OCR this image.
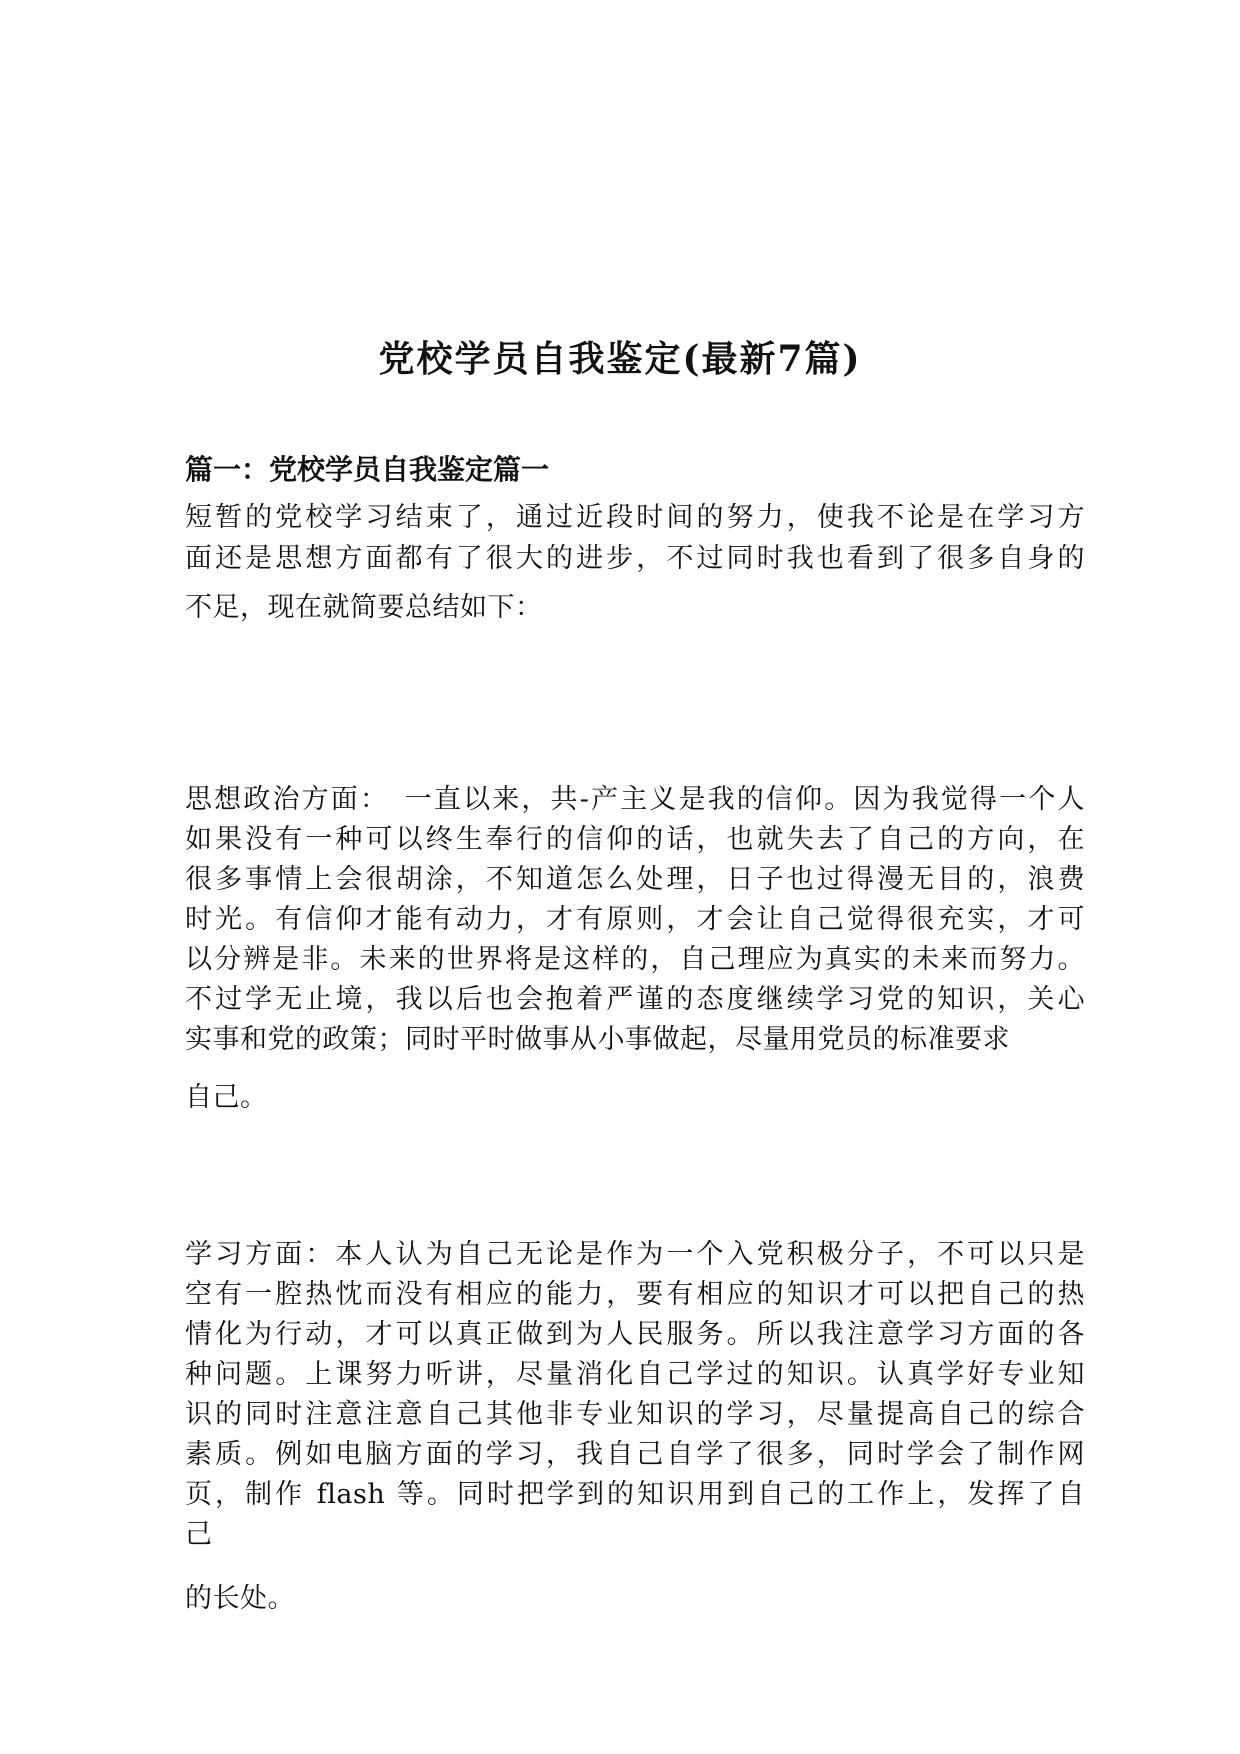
党校学员自我鉴定(最新7篇)
篇一：党校学员自我鉴定篇一
短暂的党校学习结束了，通过近段时间的努力，使我不论是在学习方
面还是思想方面都有了很大的进步，不过同时我也看到了很多自身的
不足，现在就简要总结如下：
思想政治方面：　一直以来，共-产主义是我的信仰。因为我觉得一个人
如果没有一种可以终生奉行的信仰的话，也就失去了自己的方向，在
很多事情上会很胡涂，不知道怎么处理，日子也过得漫无目的，浪费
时光。有信仰才能有动力，才有原则，才会让自己觉得很充实，才可
以分辨是非。未来的世界将是这样的，自己理应为真实的未来而努力。
不过学无止境，我以后也会抱着严谨的态度继续学习党的知识，关心
实事和党的政策；同时平时做事从小事做起，尽量用党员的标准要求
自己。
学习方面：本人认为自己无论是作为一个入党积极分子，不可以只是
空有一腔热忱而没有相应的能力，要有相应的知识才可以把自己的热
情化为行动，才可以真正做到为人民服务。所以我注意学习方面的各
种问题。上课努力听讲，尽量消化自己学过的知识。认真学好专业知
识的同时注意注意自己其他非专业知识的学习，尽量提高自己的综合
素质。例如电脑方面的学习，我自己自学了很多，同时学会了制作网
页，制作 flash 等。同时把学到的知识用到自己的工作上，发挥了自
己
的长处。
